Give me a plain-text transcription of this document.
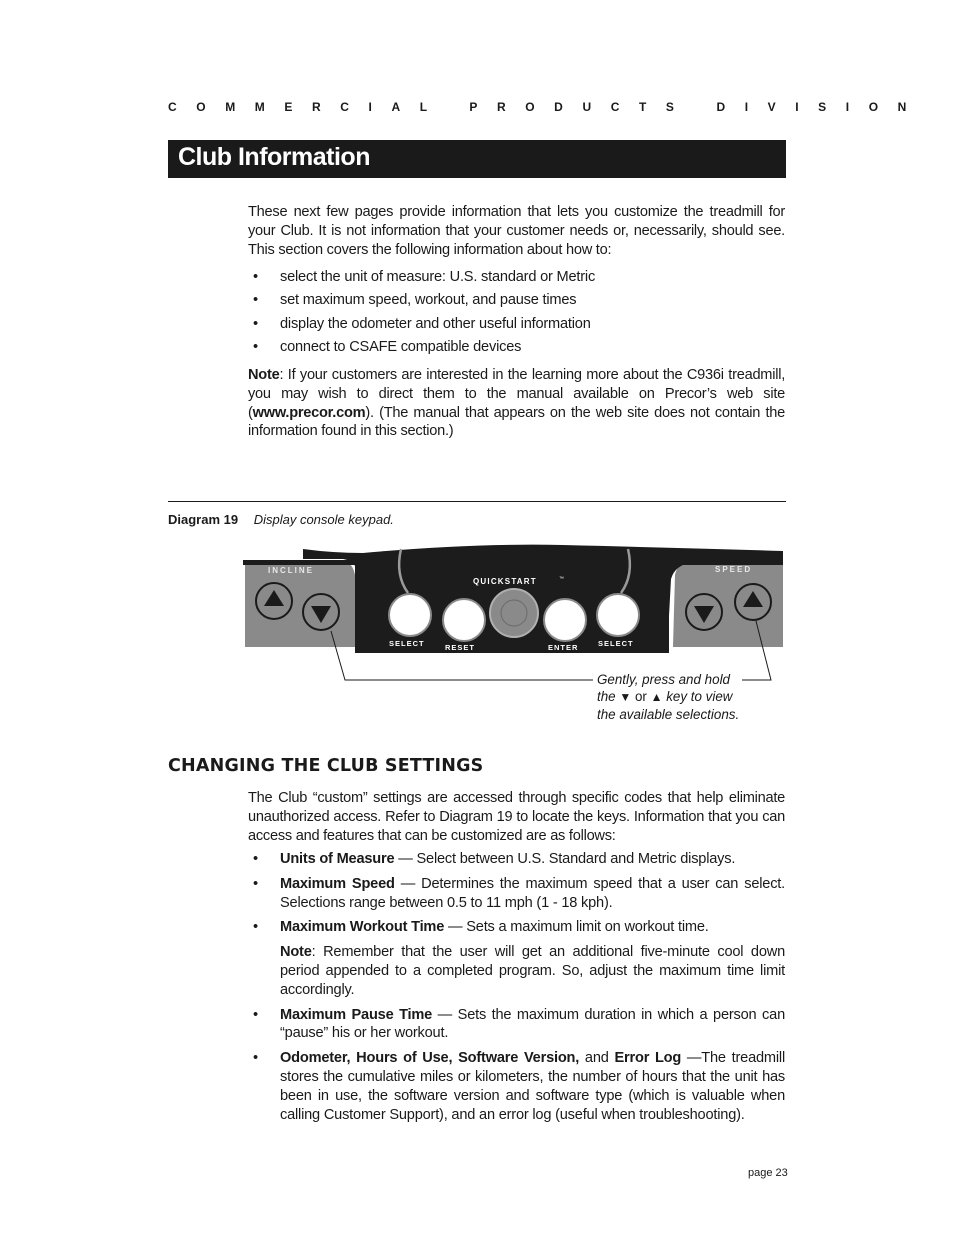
COMMERCIAL PRODUCTS DIVISION
Club Information
These next few pages provide information that lets you customize the treadmill for your Club. It is not information that your customer needs or, necessarily, should see. This section covers the following information about how to:
• select the unit of measure: U.S. standard or Metric
• set maximum speed, workout, and pause times
• display the odometer and other useful information
• connect to CSAFE compatible devices
Note: If your customers are interested in the learning more about the C936i treadmill, you may wish to direct them to the manual available on Precor’s web site (www.precor.com). (The manual that appears on the web site does not contain the information found in this section.)
Diagram 19 Display console keypad.
INCLINE	SPEED
QUICKSTART	™
SELECT	RESET	ENTER	SELECT
Gently, press and hold
the ▼ or ▲ key to view
the available selections.
CHANGING THE CLUB SETTINGS
The Club “custom” settings are accessed through specific codes that help eliminate unauthorized access. Refer to Diagram 19 to locate the keys. Information that you can access and features that can be customized are as follows:
• Units of Measure — Select between U.S. Standard and Metric displays.
• Maximum Speed — Determines the maximum speed that a user can select. Selections range between 0.5 to 11 mph (1 - 18 kph).
• Maximum Workout Time — Sets a maximum limit on workout time.
Note: Remember that the user will get an additional five-minute cool down period appended to a completed program. So, adjust the maximum time limit accordingly.
• Maximum Pause Time — Sets the maximum duration in which a person can “pause” his or her workout.
• Odometer, Hours of Use, Software Version, and Error Log —The treadmill stores the cumulative miles or kilometers, the number of hours that the unit has been in use, the software version and software type (which is valuable when calling Customer Support), and an error log (useful when troubleshooting).
page 23
